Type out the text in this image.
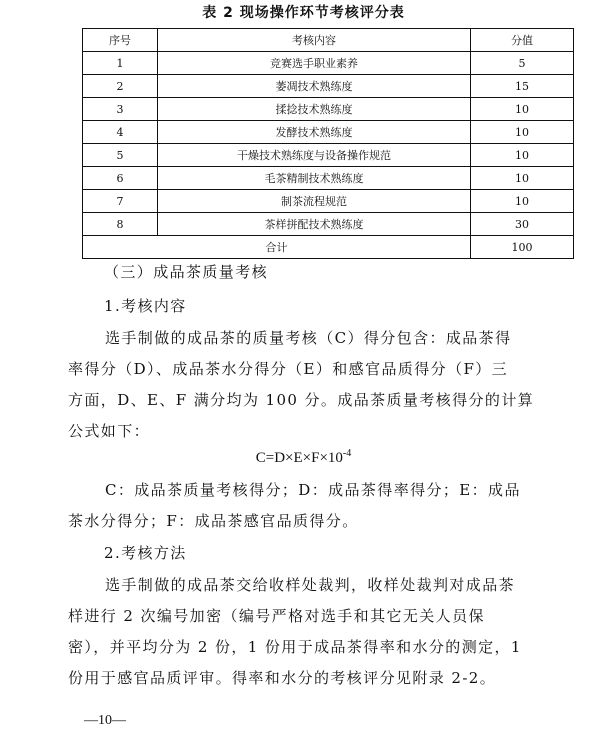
表 2 现场操作环节考核评分表
序号	考核内容	分值
1	竞赛选手职业素养	5
2	萎凋技术熟练度	15
3	揉捻技术熟练度	10
4	发酵技术熟练度	10
5	干燥技术熟练度与设备操作规范	10
6	毛茶精制技术熟练度	10
7	制茶流程规范	10
8	茶样拼配技术熟练度	30
合计		100
（三）成品茶质量考核
1.考核内容
选手制做的成品茶的质量考核（C）得分包含：成品茶得
率得分（D）、成品茶水分得分（E）和感官品质得分（F）三
方面，D、E、F 满分均为 100 分。成品茶质量考核得分的计算
公式如下：
$C=D\times E\times F\times 10^{-4}$
C：成品茶质量考核得分；D：成品茶得率得分；E：成品
茶水分得分；F：成品茶感官品质得分。
2.考核方法
选手制做的成品茶交给收样处裁判，收样处裁判对成品茶
样进行 2 次编号加密（编号严格对选手和其它无关人员保
密），并平均分为 2 份，1 份用于成品茶得率和水分的测定，1
份用于感官品质评审。得率和水分的考核评分见附录 2-2。
—10—
